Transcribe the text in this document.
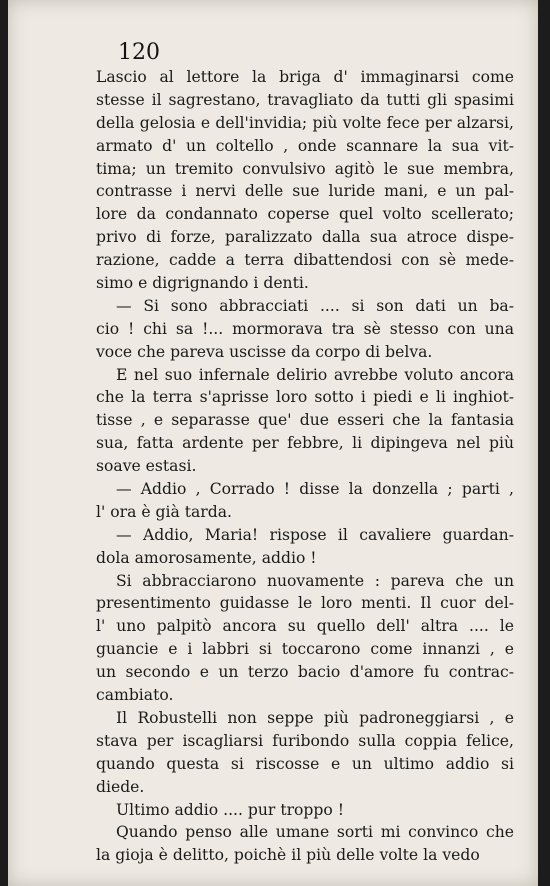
120

Lascio al lettore la briga d' immaginarsi come
stesse il sagrestano, travagliato da tutti gli spasimi
della gelosia e dell'invidia; più volte fece per alzarsi,
armato d' un coltello , onde scannare la sua vit-
tima; un tremito convulsivo agitò le sue membra,
contrasse i nervi delle sue luride mani, e un pal-
lore da condannato coperse quel volto scellerato;
privo di forze, paralizzato dalla sua atroce dispe-
razione, cadde a terra dibattendosi con sè mede-
simo e digrignando i denti.
— Si sono abbracciati .... si son dati un ba-
cio ! chi sa !... mormorava tra sè stesso con una
voce che pareva uscisse da corpo di belva.
E nel suo infernale delirio avrebbe voluto ancora
che la terra s'aprisse loro sotto i piedi e li inghiot-
tisse , e separasse que' due esseri che la fantasia
sua, fatta ardente per febbre, li dipingeva nel più
soave estasi.
— Addio , Corrado ! disse la donzella ; parti ,
l' ora è già tarda.
— Addio, Maria! rispose il cavaliere guardan-
dola amorosamente, addio !
Si abbracciarono nuovamente : pareva che un
presentimento guidasse le loro menti. Il cuor del-
l' uno palpitò ancora su quello dell' altra .... le
guancie e i labbri si toccarono come innanzi , e
un secondo e un terzo bacio d'amore fu contrac-
cambiato.
Il Robustelli non seppe più padroneggiarsi , e
stava per iscagliarsi furibondo sulla coppia felice,
quando questa si riscosse e un ultimo addio si
diede.
Ultimo addio .... pur troppo !
Quando penso alle umane sorti mi convinco che
la gioja è delitto, poichè il più delle volte la vedo
